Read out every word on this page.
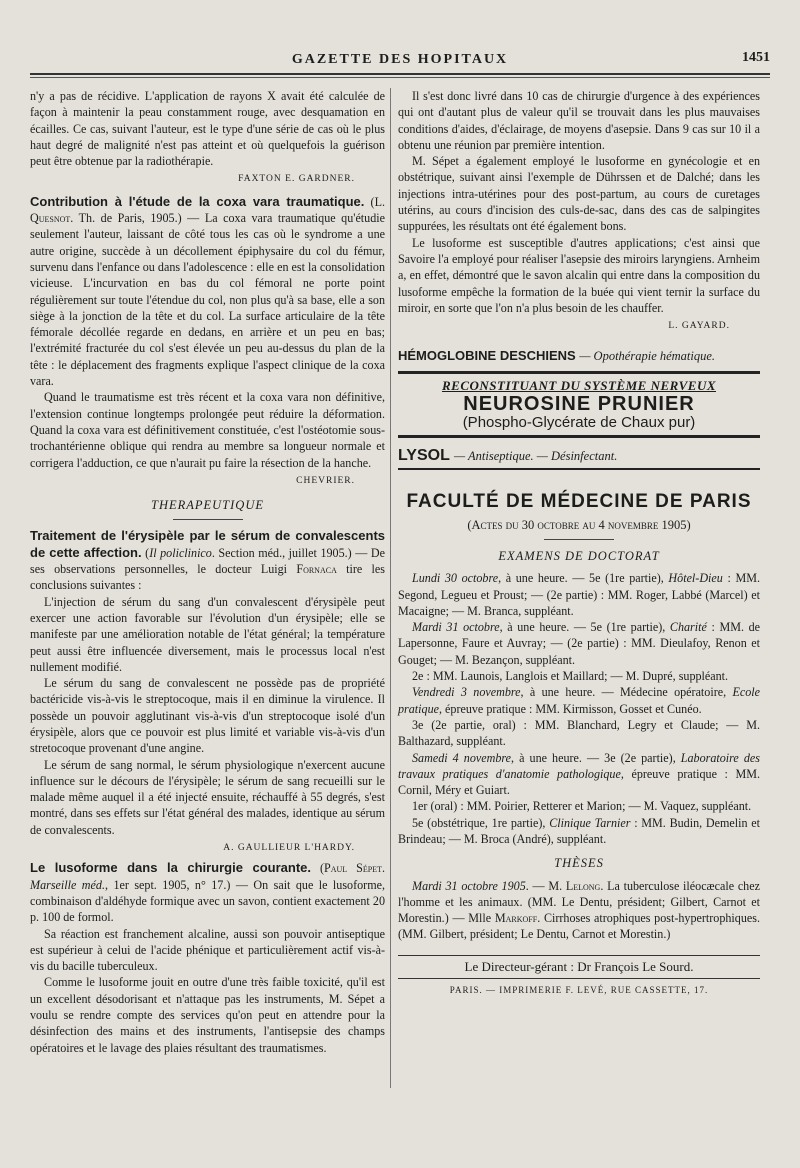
GAZETTE DES HOPITAUX	1451

n'y a pas de récidive. L'application de rayons X avait été calculée de façon à maintenir la peau constamment rouge, avec desquamation en écailles. Ce cas, suivant l'auteur, est le type d'une série de cas où le plus haut degré de malignité n'est pas atteint et où quelquefois la guérison peut être obtenue par la radiothérapie.

FAXTON E. GARDNER.

Contribution à l'étude de la coxa vara traumatique. (L. Quesnot. Th. de Paris, 1905.) — La coxa vara traumatique qu'étudie seulement l'auteur, laissant de côté tous les cas où le syndrome a une autre origine, succède à un décollement épiphysaire du col du fémur, survenu dans l'enfance ou dans l'adolescence : elle en est la consolidation vicieuse. L'incurvation en bas du col fémoral ne porte point régulièrement sur toute l'étendue du col, non plus qu'à sa base, elle a son siège à la jonction de la tête et du col. La surface articulaire de la tête fémorale décollée regarde en dedans, en arrière et un peu en bas; l'extrémité fracturée du col s'est élevée un peu au-dessus du plan de la tête : le déplacement des fragments explique l'aspect clinique de la coxa vara.

Quand le traumatisme est très récent et la coxa vara non définitive, l'extension continue longtemps prolongée peut réduire la déformation. Quand la coxa vara est définitivement constituée, c'est l'ostéotomie sous-trochantérienne oblique qui rendra au membre sa longueur normale et corrigera l'adduction, ce que n'aurait pu faire la résection de la hanche.

CHEVRIER.
THERAPEUTIQUE

Traitement de l'érysipèle par le sérum de convalescents de cette affection. (Il policlinico. Section méd., juillet 1905.) — De ses observations personnelles, le docteur Luigi Fornaca tire les conclusions suivantes :

L'injection de sérum du sang d'un convalescent d'érysipèle peut exercer une action favorable sur l'évolution d'un érysipèle; elle se manifeste par une amélioration notable de l'état général; la température peut aussi être influencée diversement, mais le processus local n'est nullement modifié.

Le sérum du sang de convalescent ne possède pas de propriété bactéricide vis-à-vis le streptocoque, mais il en diminue la virulence. Il possède un pouvoir agglutinant vis-à-vis d'un streptocoque isolé d'un érysipèle, alors que ce pouvoir est plus limité et variable vis-à-vis d'un stretocoque provenant d'une angine.

Le sérum de sang normal, le sérum physiologique n'exercent aucune influence sur le décours de l'érysipèle; le sérum de sang recueilli sur le malade même auquel il a été injecté ensuite, réchauffé à 55 degrés, s'est montré, dans ses effets sur l'état général des malades, identique au sérum de convalescents.

A. GAULLIEUR L'HARDY.

Le lusoforme dans la chirurgie courante. (Paul Sépet. Marseille méd., 1er sept. 1905, n° 17.) — On sait que le lusoforme, combinaison d'aldéhyde formique avec un savon, contient exactement 20 p. 100 de formol.

Sa réaction est franchement alcaline, aussi son pouvoir antiseptique est supérieur à celui de l'acide phénique et particulièrement actif vis-à-vis du bacille tuberculeux.

Comme le lusoforme jouit en outre d'une très faible toxicité, qu'il est un excellent désodorisant et n'attaque pas les instruments, M. Sépet a voulu se rendre compte des services qu'on peut en attendre pour la désinfection des mains et des instruments, l'antisepsie des champs opératoires et le lavage des plaies résultant des traumatismes.

Il s'est donc livré dans 10 cas de chirurgie d'urgence à des expériences qui ont d'autant plus de valeur qu'il se trouvait dans les plus mauvaises conditions d'aides, d'éclairage, de moyens d'asepsie. Dans 9 cas sur 10 il a obtenu une réunion par première intention.

M. Sépet a également employé le lusoforme en gynécologie et en obstétrique, suivant ainsi l'exemple de Dührssen et de Dalché; dans les injections intra-utérines pour des post-partum, au cours de curetages utérins, au cours d'incision des culs-de-sac, dans des cas de salpingites suppurées, les résultats ont été également bons.

Le lusoforme est susceptible d'autres applications; c'est ainsi que Savoire l'a employé pour réaliser l'asepsie des miroirs laryngiens. Arnheim a, en effet, démontré que le savon alcalin qui entre dans la composition du lusoforme empêche la formation de la buée qui vient ternir la surface du miroir, en sorte que l'on n'a plus besoin de les chauffer.

L. GAYARD.
HÉMOGLOBINE DESCHIENS — Opothérapie hématique.
RECONSTITUANT DU SYSTÈME NERVEUX
NEUROSINE PRUNIER
(Phospho-Glycérate de Chaux pur)
LYSOL — Antiseptique. — Désinfectant.
FACULTÉ DE MÉDECINE DE PARIS
(Actes du 30 octobre au 4 novembre 1905)
EXAMENS DE DOCTORAT

Lundi 30 octobre, à une heure. — 5e (1re partie), Hôtel-Dieu : MM. Segond, Legueu et Proust; — (2e partie) : MM. Roger, Labbé (Marcel) et Macaigne; — M. Branca, suppléant.

Mardi 31 octobre, à une heure. — 5e (1re partie), Charité : MM. de Lapersonne, Faure et Auvray; — (2e partie) : MM. Dieulafoy, Renon et Gouget; — M. Bezançon, suppléant.

2e : MM. Launois, Langlois et Maillard; — M. Dupré, suppléant.

Vendredi 3 novembre, à une heure. — Médecine opératoire, Ecole pratique, épreuve pratique : MM. Kirmisson, Gosset et Cunéo.

3e (2e partie, oral) : MM. Blanchard, Legry et Claude; — M. Balthazard, suppléant.

Samedi 4 novembre, à une heure. — 3e (2e partie), Laboratoire des travaux pratiques d'anatomie pathologique, épreuve pratique : MM. Cornil, Méry et Guiart.

1er (oral) : MM. Poirier, Retterer et Marion; — M. Vaquez, suppléant.

5e (obstétrique, 1re partie), Clinique Tarnier : MM. Budin, Demelin et Brindeau; — M. Broca (André), suppléant.

THÈSES

Mardi 31 octobre 1905. — M. Lelong. La tuberculose iléocæcale chez l'homme et les animaux. (MM. Le Dentu, président; Gilbert, Carnot et Morestin.) — Mlle Markoff. Cirrhoses atrophiques post-hypertrophiques. (MM. Gilbert, président; Le Dentu, Carnot et Morestin.)

Le Directeur-gérant : Dr François Le Sourd.
PARIS. — IMPRIMERIE F. LEVÉ, RUE CASSETTE, 17.
